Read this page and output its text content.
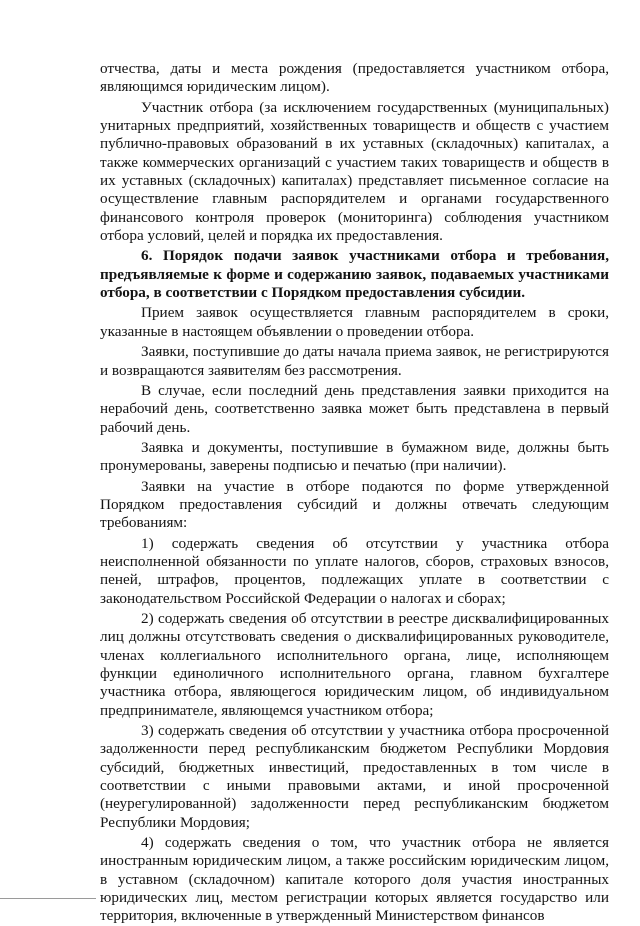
отчества, даты и места рождения (предоставляется участником отбора, являющимся юридическим лицом).

Участник отбора (за исключением государственных (муниципальных) унитарных предприятий, хозяйственных товариществ и обществ с участием публично-правовых образований в их уставных (складочных) капиталах, а также коммерческих организаций с участием таких товариществ и обществ в их уставных (складочных) капиталах) представляет письменное согласие на осуществление главным распорядителем и органами государственного финансового контроля проверок (мониторинга) соблюдения участником отбора условий, целей и порядка их предоставления.

6. Порядок подачи заявок участниками отбора и требования, предъявляемые к форме и содержанию заявок, подаваемых участниками отбора, в соответствии с Порядком предоставления субсидии.

Прием заявок осуществляется главным распорядителем в сроки, указанные в настоящем объявлении о проведении отбора.

Заявки, поступившие до даты начала приема заявок, не регистрируются и возвращаются заявителям без рассмотрения.

В случае, если последний день представления заявки приходится на нерабочий день, соответственно заявка может быть представлена в первый рабочий день.

Заявка и документы, поступившие в бумажном виде, должны быть пронумерованы, заверены подписью и печатью (при наличии).

Заявки на участие в отборе подаются по форме утвержденной Порядком предоставления субсидий и должны отвечать следующим требованиям:

1) содержать сведения об отсутствии у участника отбора неисполненной обязанности по уплате налогов, сборов, страховых взносов, пеней, штрафов, процентов, подлежащих уплате в соответствии с законодательством Российской Федерации о налогах и сборах;

2) содержать сведения об отсутствии в реестре дисквалифицированных лиц должны отсутствовать сведения о дисквалифицированных руководителе, членах коллегиального исполнительного органа, лице, исполняющем функции единоличного исполнительного органа, главном бухгалтере участника отбора, являющегося юридическим лицом, об индивидуальном предпринимателе, являющемся участником отбора;

3) содержать сведения об отсутствии у участника отбора просроченной задолженности перед республиканским бюджетом Республики Мордовия субсидий, бюджетных инвестиций, предоставленных в том числе в соответствии с иными правовыми актами, и иной просроченной (неурегулированной) задолженности перед республиканским бюджетом Республики Мордовия;

4) содержать сведения о том, что участник отбора не является иностранным юридическим лицом, а также российским юридическим лицом, в уставном (складочном) капитале которого доля участия иностранных юридических лиц, местом регистрации которых является государство или территория, включенные в утвержденный Министерством финансов
